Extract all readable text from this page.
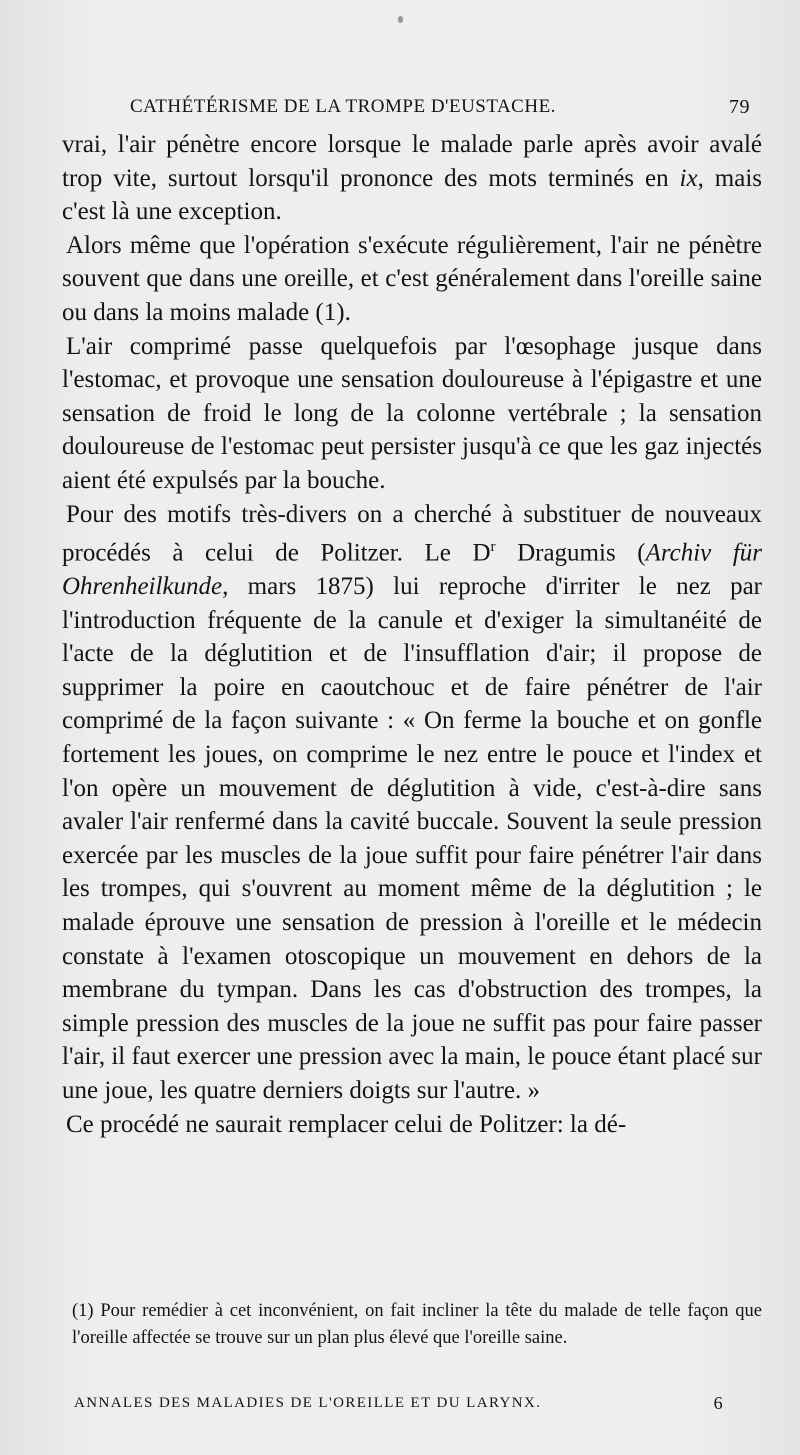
CATHÉTÉRISME DE LA TROMPE D'EUSTACHE.	79

vrai, l'air pénètre encore lorsque le malade parle après avoir avalé trop vite, surtout lorsqu'il prononce des mots terminés en ix, mais c'est là une exception.

Alors même que l'opération s'exécute régulièrement, l'air ne pénètre souvent que dans une oreille, et c'est généralement dans l'oreille saine ou dans la moins malade (1).

L'air comprimé passe quelquefois par l'œsophage jusque dans l'estomac, et provoque une sensation douloureuse à l'épigastre et une sensation de froid le long de la colonne vertébrale ; la sensation douloureuse de l'estomac peut persister jusqu'à ce que les gaz injectés aient été expulsés par la bouche.

Pour des motifs très-divers on a cherché à substituer de nouveaux procédés à celui de Politzer. Le $D^r$ Dragumis (Archiv für Ohrenheilkunde, mars 1875) lui reproche d'irriter le nez par l'introduction fréquente de la canule et d'exiger la simultanéité de l'acte de la déglutition et de l'insufflation d'air; il propose de supprimer la poire en caoutchouc et de faire pénétrer de l'air comprimé de la façon suivante : « On ferme la bouche et on gonfle fortement les joues, on comprime le nez entre le pouce et l'index et l'on opère un mouvement de déglutition à vide, c'est-à-dire sans avaler l'air renfermé dans la cavité buccale. Souvent la seule pression exercée par les muscles de la joue suffit pour faire pénétrer l'air dans les trompes, qui s'ouvrent au moment même de la déglutition ; le malade éprouve une sensation de pression à l'oreille et le médecin constate à l'examen otoscopique un mouvement en dehors de la membrane du tympan. Dans les cas d'obstruction des trompes, la simple pression des muscles de la joue ne suffit pas pour faire passer l'air, il faut exercer une pression avec la main, le pouce étant placé sur une joue, les quatre derniers doigts sur l'autre. »

Ce procédé ne saurait remplacer celui de Politzer: la dé-

(1) Pour remédier à cet inconvénient, on fait incliner la tête du malade de telle façon que l'oreille affectée se trouve sur un plan plus élevé que l'oreille saine.
ANNALES DES MALADIES DE L'OREILLE ET DU LARYNX.	6
